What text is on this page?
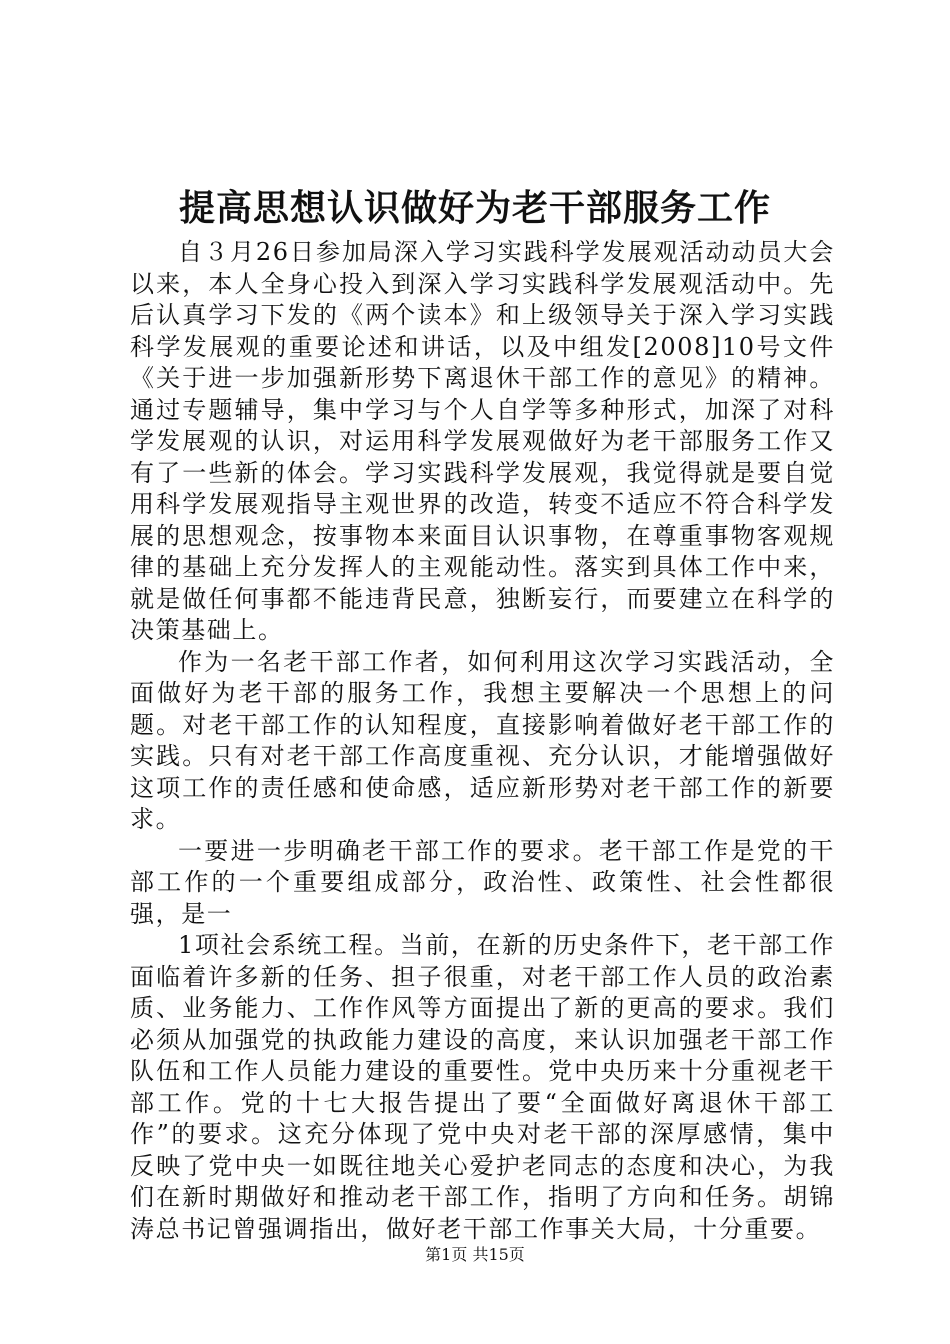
提高思想认识做好为老干部服务工作

自３月26日参加局深入学习实践科学发展观活动动员大会以来，本人全身心投入到深入学习实践科学发展观活动中。先后认真学习下发的《两个读本》和上级领导关于深入学习实践科学发展观的重要论述和讲话，以及中组发[2008]10号文件《关于进一步加强新形势下离退休干部工作的意见》的精神。通过专题辅导，集中学习与个人自学等多种形式，加深了对科学发展观的认识，对运用科学发展观做好为老干部服务工作又有了一些新的体会。学习实践科学发展观，我觉得就是要自觉用科学发展观指导主观世界的改造，转变不适应不符合科学发展的思想观念，按事物本来面目认识事物，在尊重事物客观规律的基础上充分发挥人的主观能动性。落实到具体工作中来，就是做任何事都不能违背民意，独断妄行，而要建立在科学的决策基础上。

作为一名老干部工作者，如何利用这次学习实践活动，全面做好为老干部的服务工作，我想主要解决一个思想上的问题。对老干部工作的认知程度，直接影响着做好老干部工作的实践。只有对老干部工作高度重视、充分认识，才能增强做好这项工作的责任感和使命感，适应新形势对老干部工作的新要求。

一要进一步明确老干部工作的要求。老干部工作是党的干部工作的一个重要组成部分，政治性、政策性、社会性都很强，是一

1项社会系统工程。当前，在新的历史条件下，老干部工作面临着许多新的任务、担子很重，对老干部工作人员的政治素质、业务能力、工作作风等方面提出了新的更高的要求。我们必须从加强党的执政能力建设的高度，来认识加强老干部工作队伍和工作人员能力建设的重要性。党中央历来十分重视老干部工作。党的十七大报告提出了要“全面做好离退休干部工作”的要求。这充分体现了党中央对老干部的深厚感情，集中反映了党中央一如既往地关心爱护老同志的态度和决心，为我们在新时期做好和推动老干部工作，指明了方向和任务。胡锦涛总书记曾强调指出，做好老干部工作事关大局，十分重要。

第1页 共15页
